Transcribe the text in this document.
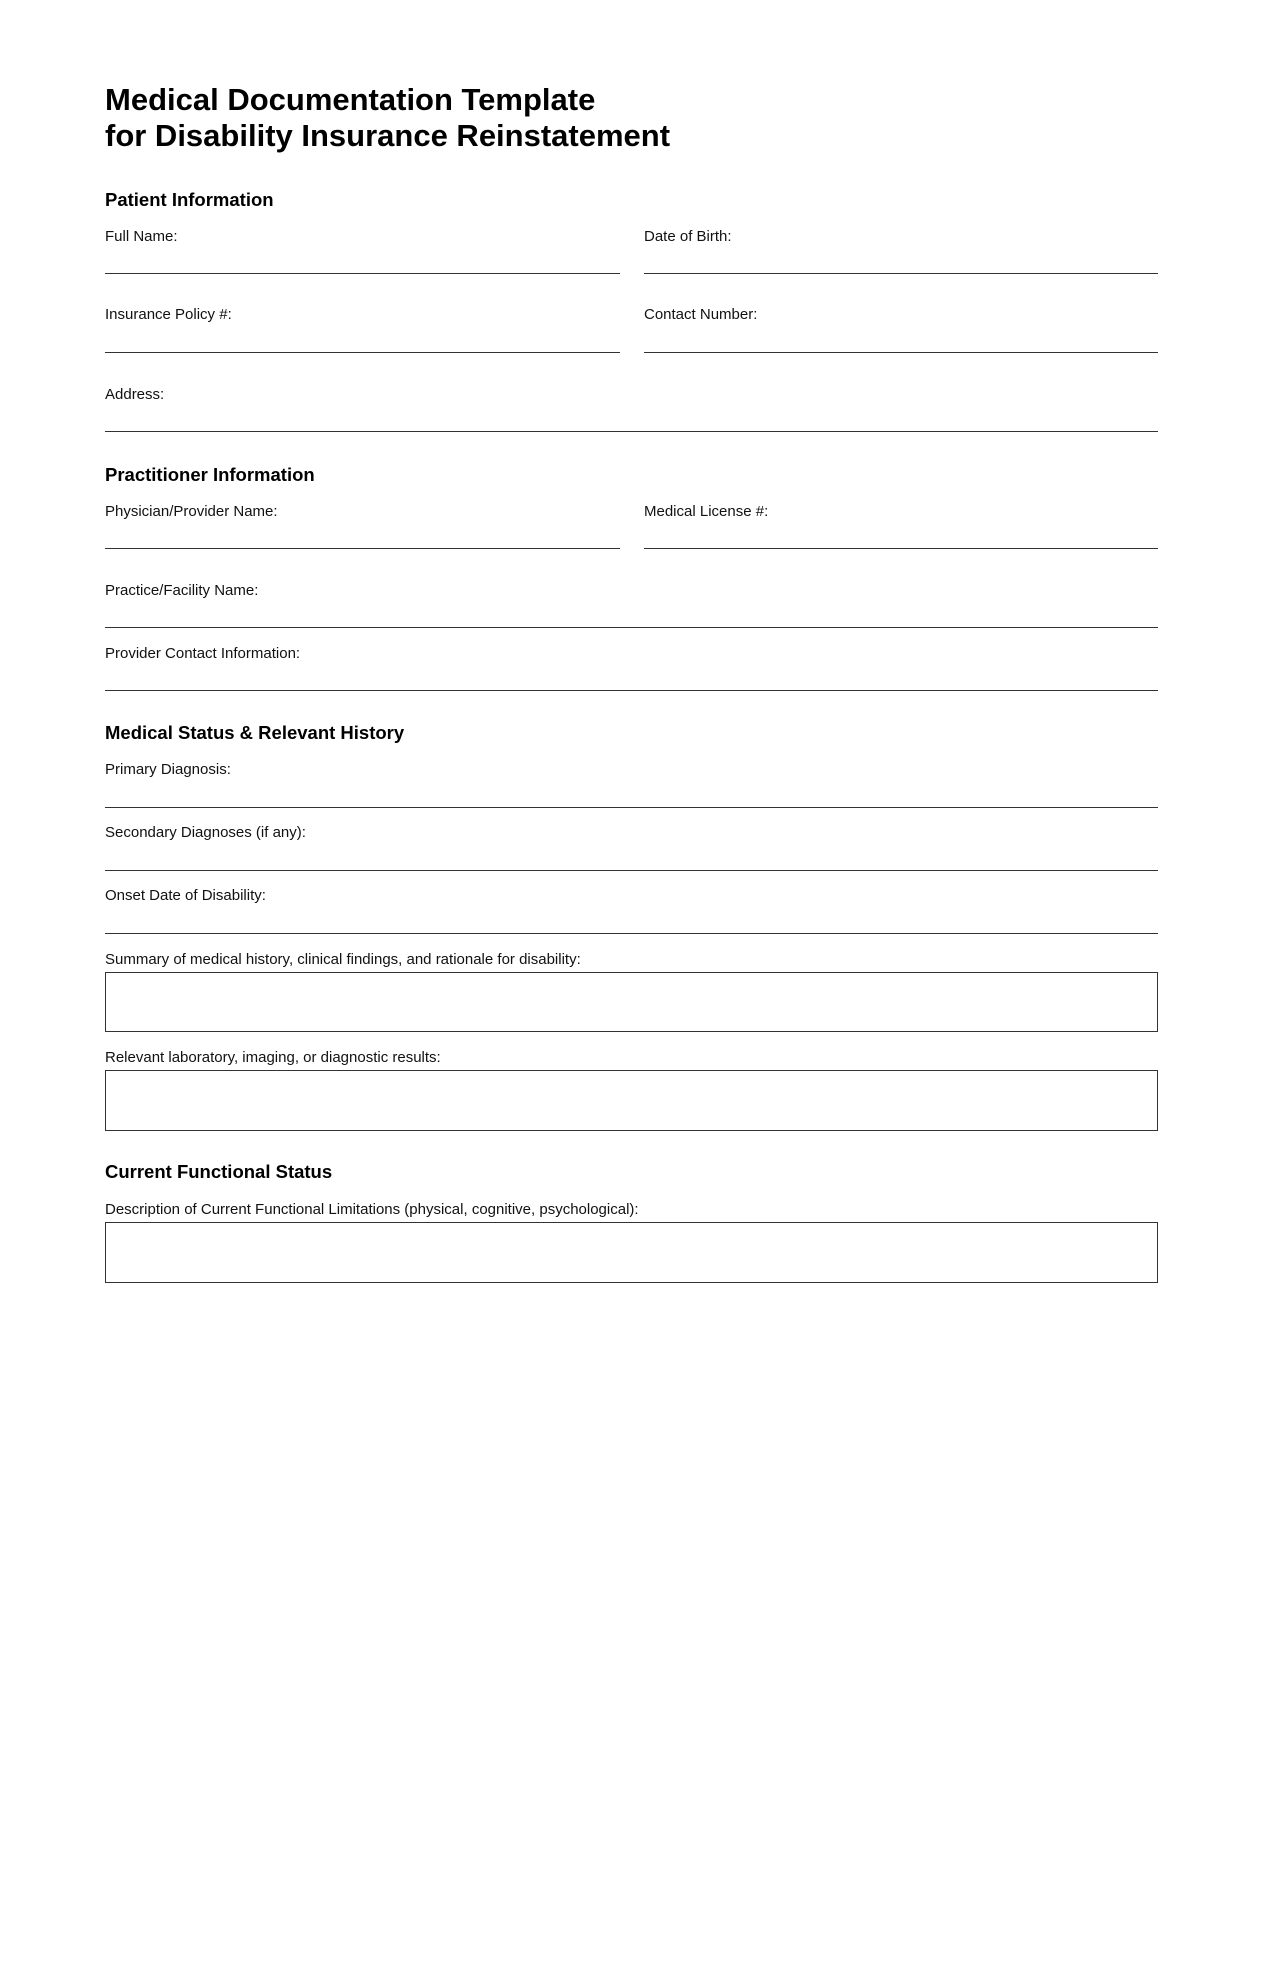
Medical Documentation Template
for Disability Insurance Reinstatement
Patient Information
Full Name:	Date of Birth:
Insurance Policy #:	Contact Number:
Address:
Practitioner Information
Physician/Provider Name:	Medical License #:
Practice/Facility Name:
Provider Contact Information:
Medical Status & Relevant History
Primary Diagnosis:
Secondary Diagnoses (if any):
Onset Date of Disability:
Summary of medical history, clinical findings, and rationale for disability:
Relevant laboratory, imaging, or diagnostic results:
Current Functional Status
Description of Current Functional Limitations (physical, cognitive, psychological):
